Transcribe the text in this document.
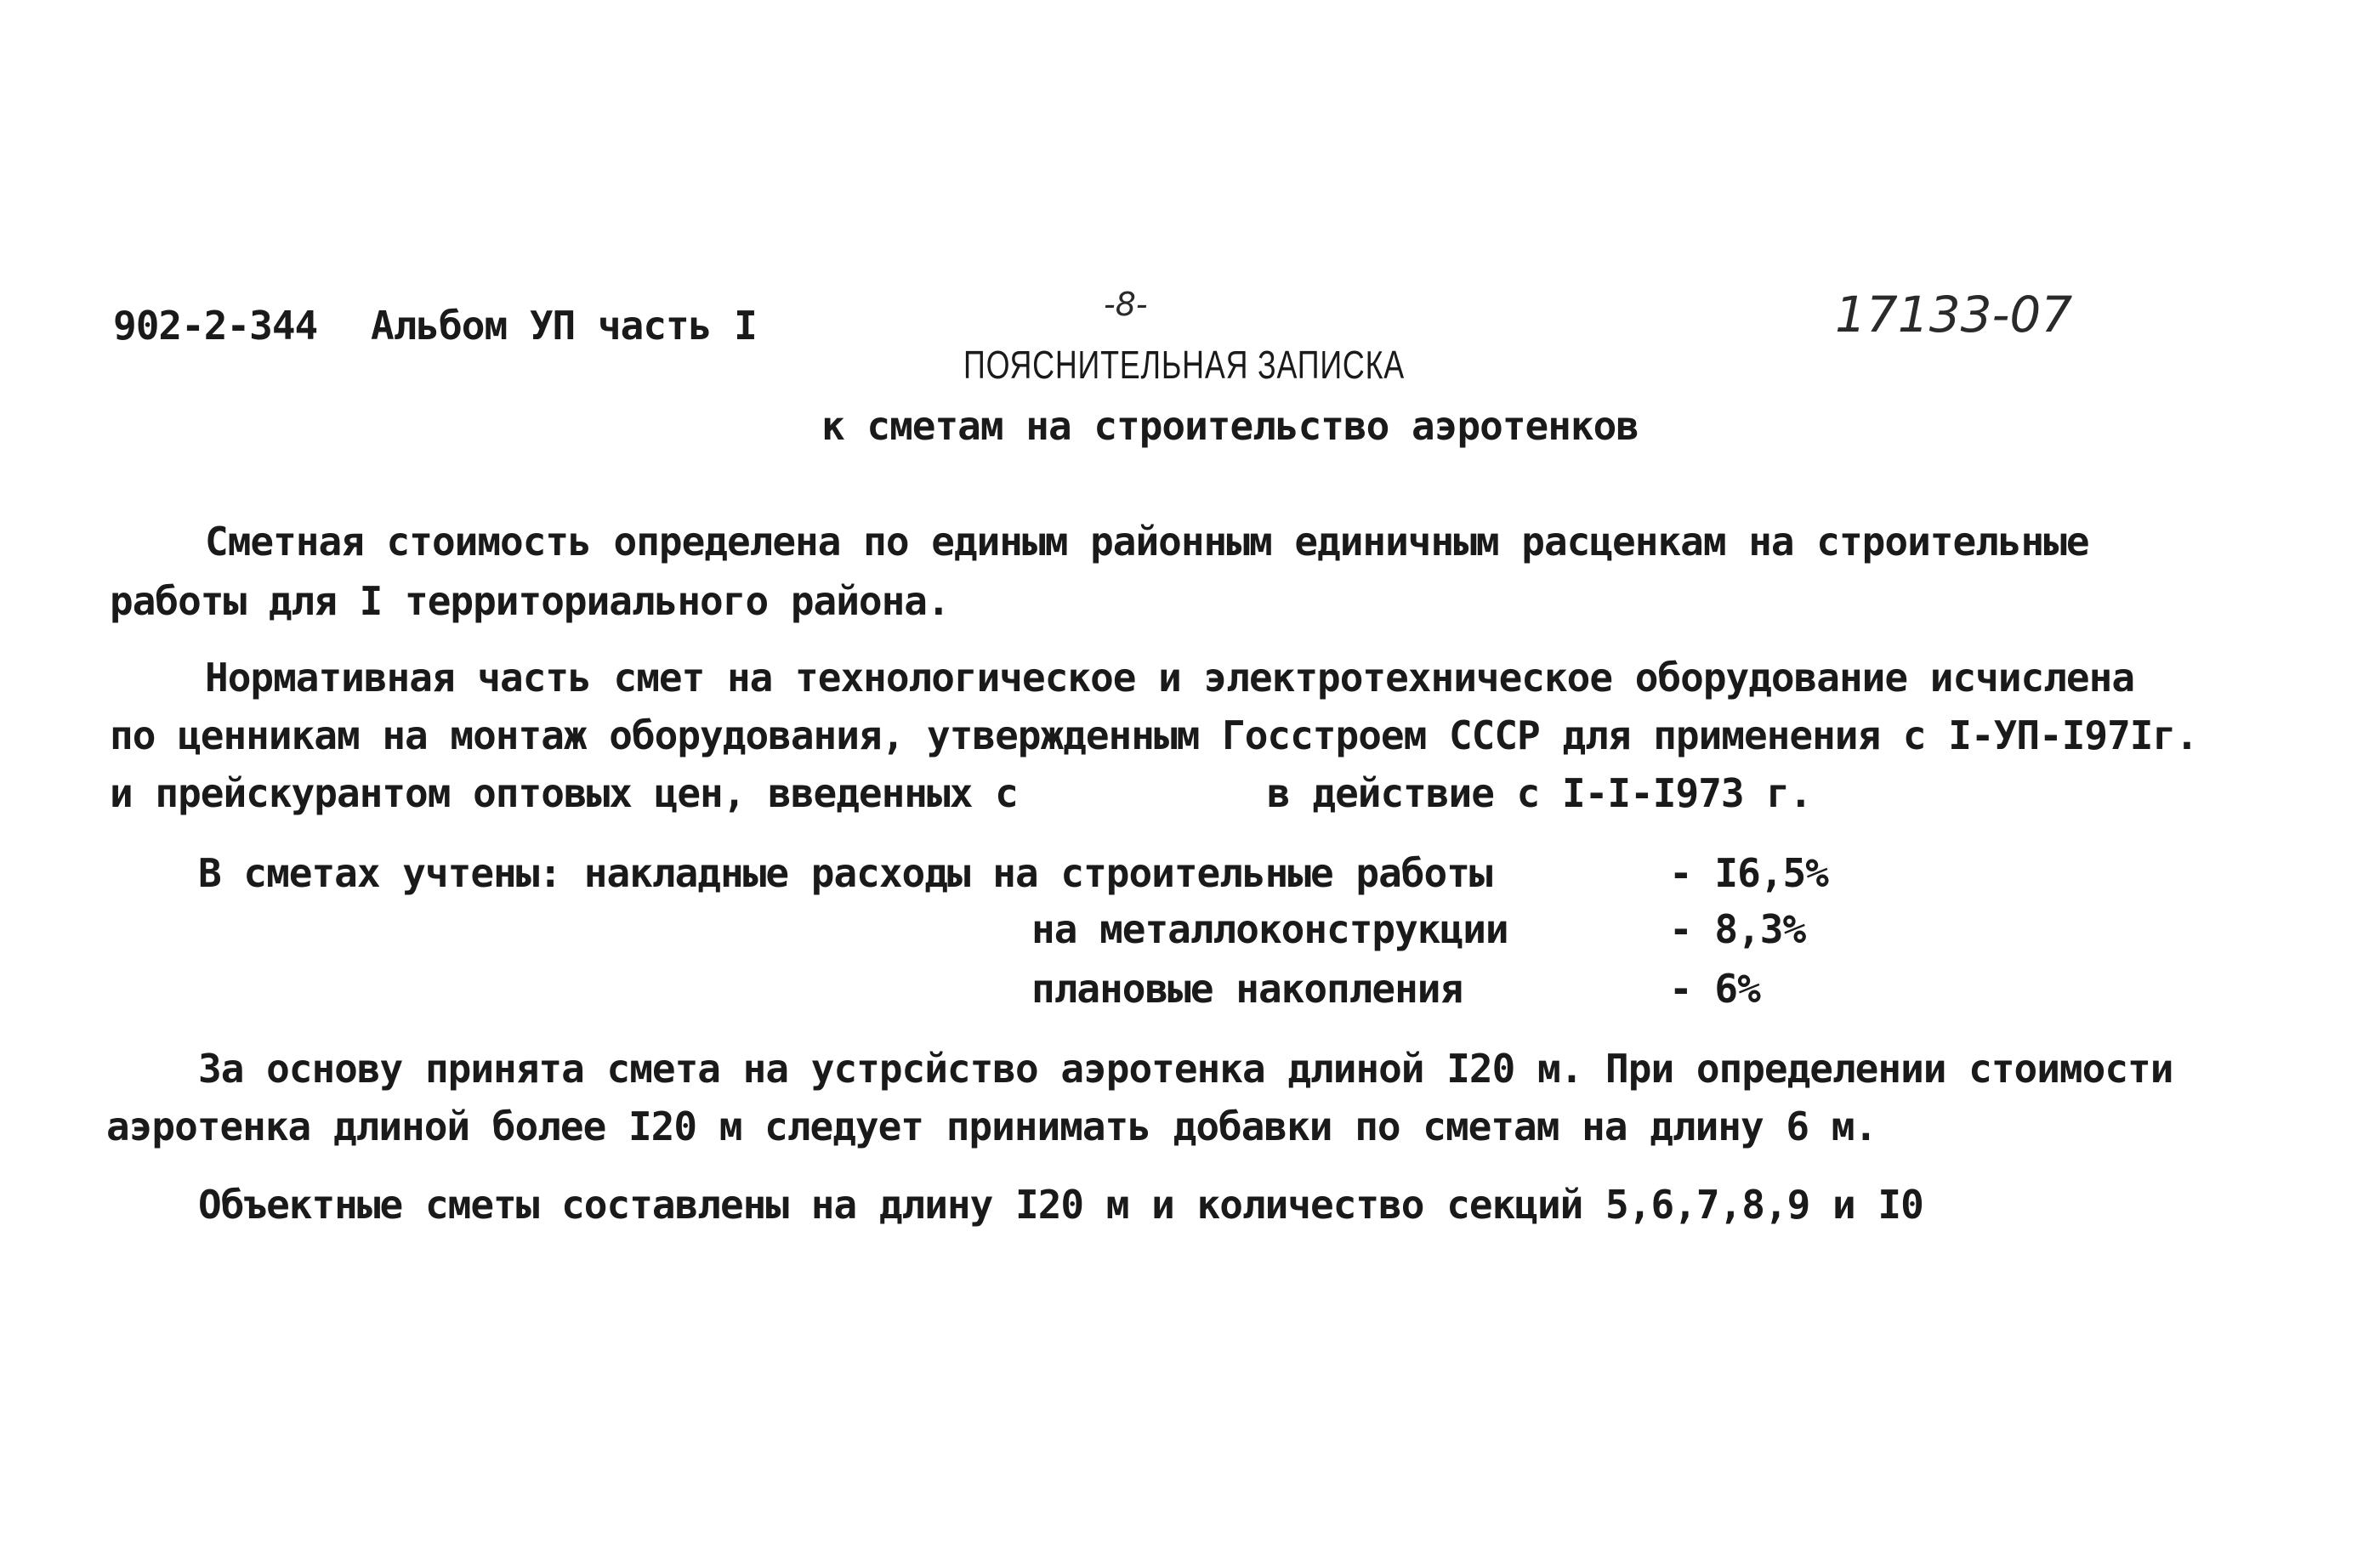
902-2-344 Альбом УП часть I	-8-	17133-07
ПОЯСНИТЕЛЬНАЯ ЗАПИСКА
к сметам на строительство аэротенков
Сметная стоимость определена по единым районным единичным расценкам на строительные
работы для I территориального района.
Нормативная часть смет на технологическое и электротехническое оборудование исчислена
по ценникам на монтаж оборудования, утвержденным Госстроем СССР для применения с I-УП-I97Iг.
и прейскурантом оптовых цен, введенных с	в действие с I-I-I973 г.
В сметах учтены: накладные расходы на строительные работы	- I6,5%
на металлоконструкции	- 8,3%
плановые накопления	- 6%
За основу принята смета на устрсйство аэротенка длиной I20 м. При определении стоимости
аэротенка длиной более I20 м следует принимать добавки по сметам на длину 6 м.
Объектные сметы составлены на длину I20 м и количество секций 5,6,7,8,9 и I0
